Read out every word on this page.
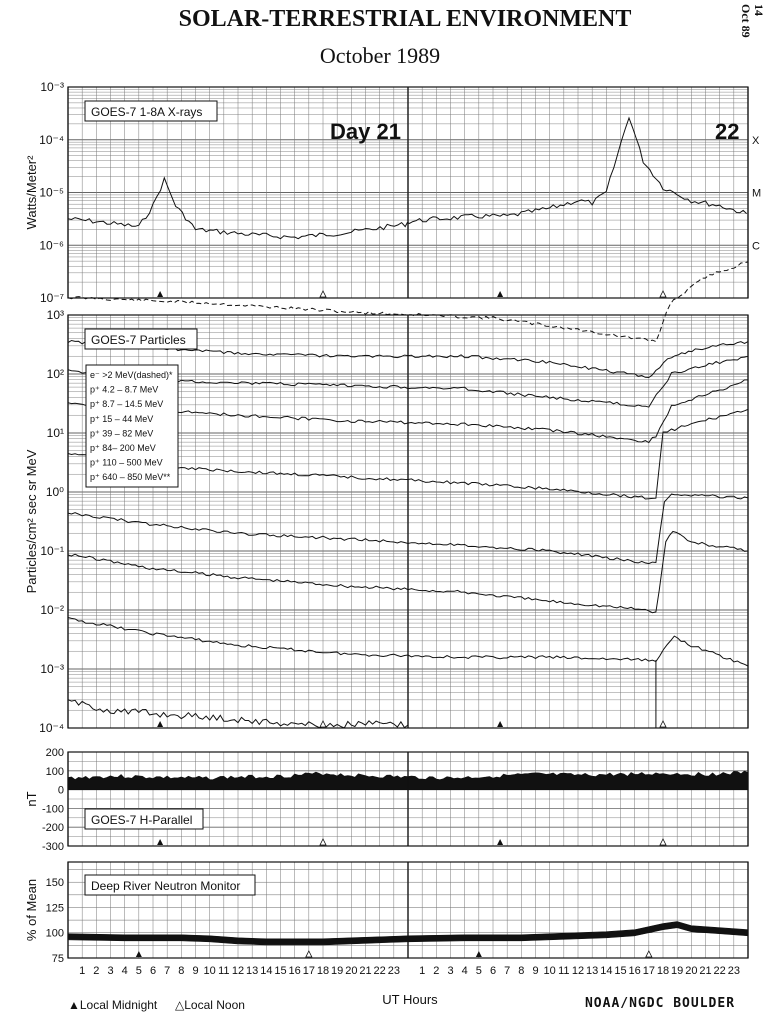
SOLAR-TERRESTRIAL ENVIRONMENT
October 1989
14
Oct 89
10⁻³
10⁻⁴
10⁻⁵
10⁻⁶
10⁻⁷
X
M
C
Watts/Meter²
GOES-7 1-8A X-rays
Day 21	22
10³
10²
10¹
10⁰
10⁻¹
10⁻²
10⁻³
10⁻⁴
Particles/cm² sec sr MeV
GOES-7 Particles
e⁻ >2 MeV(dashed)*
p⁺ 4.2 – 8.7 MeV
p⁺ 8.7 – 14.5 MeV
p⁺ 15 – 44 MeV
p⁺ 39 – 82 MeV
p⁺ 84– 200 MeV
p⁺ 110 – 500 MeV
p⁺ 640 – 850 MeV**
200
100
0
-100
-200
-300
nT
GOES-7 H-Parallel
150
125
100
75
% of Mean	Deep River Neutron Monitor
1 2 3 4 5 6 7 8 9 10 11 12 13 14 15 16 17 18 19 20 21 22 23 1 2 3 4 5 6 7 8 9 10 11 12 13 14 15 16 17 18 19 20 21 22 23
▲Local Midnight △Local Noon	UT Hours	NOAA/NGDC BOULDER
